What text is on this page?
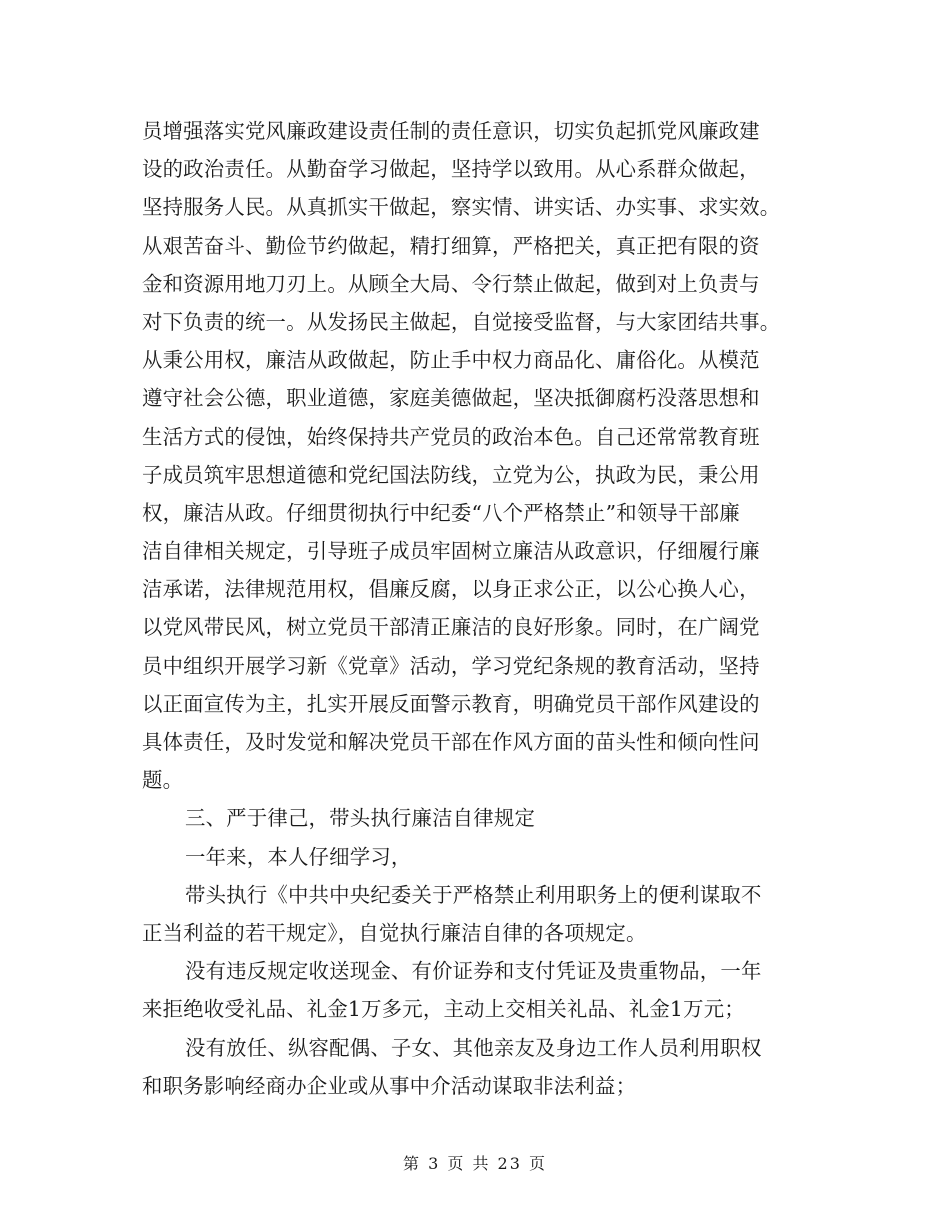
员增强落实党风廉政建设责任制的责任意识，切实负起抓党风廉政建
设的政治责任。从勤奋学习做起，坚持学以致用。从心系群众做起，
坚持服务人民。从真抓实干做起，察实情、讲实话、办实事、求实效。
从艰苦奋斗、勤俭节约做起，精打细算，严格把关，真正把有限的资
金和资源用地刀刃上。从顾全大局、令行禁止做起，做到对上负责与
对下负责的统一。从发扬民主做起，自觉接受监督，与大家团结共事。
从秉公用权，廉洁从政做起，防止手中权力商品化、庸俗化。从模范
遵守社会公德，职业道德，家庭美德做起，坚决抵御腐朽没落思想和
生活方式的侵蚀，始终保持共产党员的政治本色。自己还常常教育班
子成员筑牢思想道德和党纪国法防线，立党为公，执政为民，秉公用
权，廉洁从政。仔细贯彻执行中纪委“八个严格禁止”和领导干部廉
洁自律相关规定，引导班子成员牢固树立廉洁从政意识，仔细履行廉
洁承诺，法律规范用权，倡廉反腐，以身正求公正，以公心换人心，
以党风带民风，树立党员干部清正廉洁的良好形象。同时，在广阔党
员中组织开展学习新《党章》活动，学习党纪条规的教育活动，坚持
以正面宣传为主，扎实开展反面警示教育，明确党员干部作风建设的
具体责任，及时发觉和解决党员干部在作风方面的苗头性和倾向性问
题。
三、严于律己，带头执行廉洁自律规定
一年来，本人仔细学习，
带头执行《中共中央纪委关于严格禁止利用职务上的便利谋取不
正当利益的若干规定》，自觉执行廉洁自律的各项规定。
没有违反规定收送现金、有价证券和支付凭证及贵重物品，一年
来拒绝收受礼品、礼金1万多元，主动上交相关礼品、礼金1万元；
没有放任、纵容配偶、子女、其他亲友及身边工作人员利用职权
和职务影响经商办企业或从事中介活动谋取非法利益；
第 3 页 共 23 页
